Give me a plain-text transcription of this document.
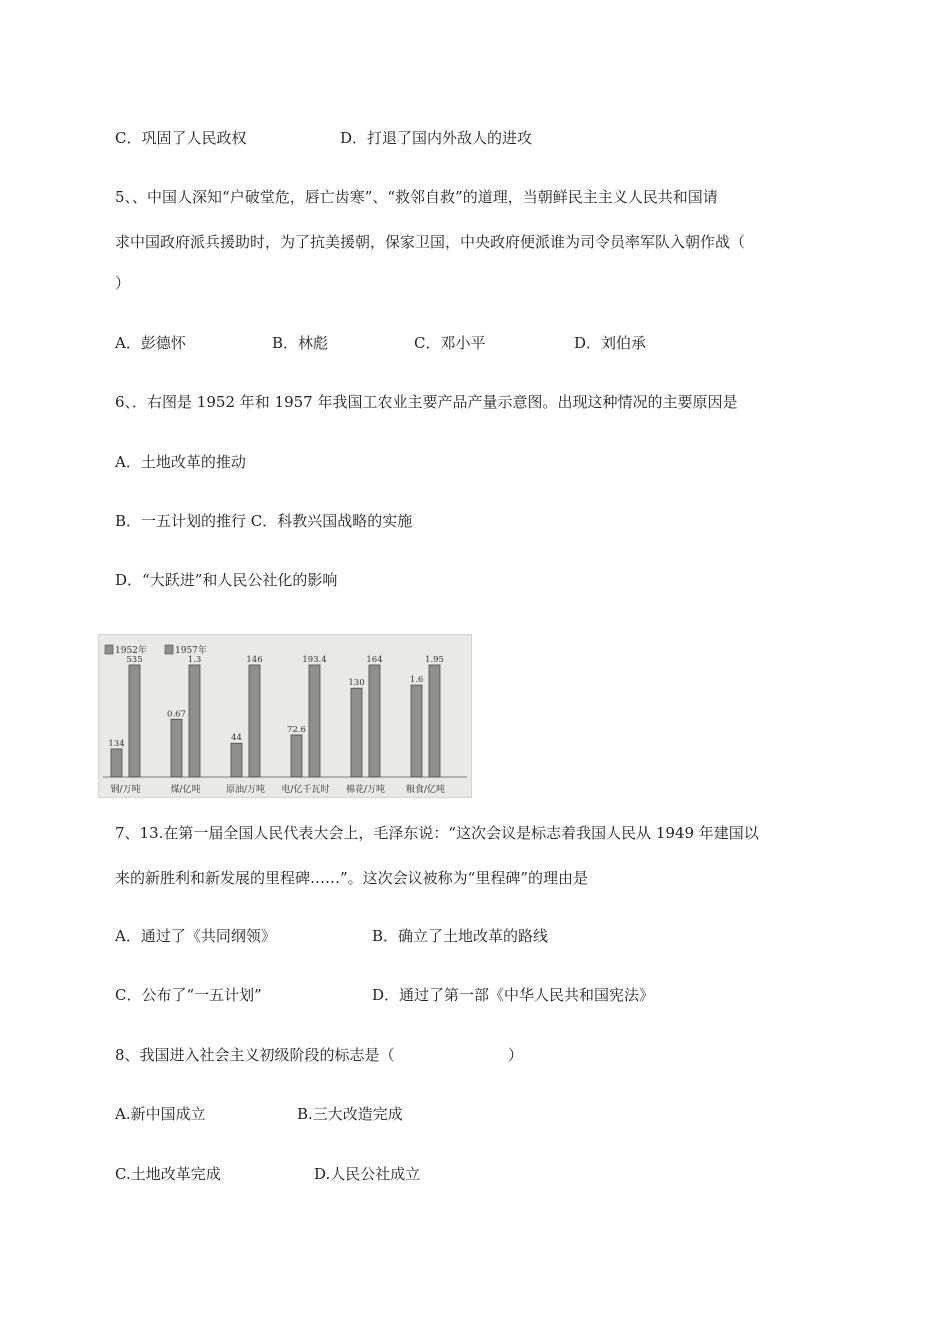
C．巩固了人民政权	D．打退了国内外敌人的进攻
5、、中国人深知“户破堂危，唇亡齿寒”、“救邻自救”的道理，当朝鲜民主主义人民共和国请
求中国政府派兵援助时，为了抗美援朝，保家卫国，中央政府便派谁为司令员率军队入朝作战（
）
A．彭德怀	B．林彪	C．邓小平	D．刘伯承
6、．右图是 1952 年和 1957 年我国工农业主要产品产量示意图。出现这种情况的主要原因是
A．土地改革的推动
B．一五计划的推行 C．科教兴国战略的实施
D．“大跃进”和人民公社化的影响
1952年	1957年
134
535
钢/万吨
0.67
1.3
煤/亿吨
44
146
原油/万吨
72.6
193.4
电/亿千瓦时
130
164
棉花/万吨
1.6
1.95
粮食/亿吨
7、13.在第一届全国人民代表大会上，毛泽东说：“这次会议是标志着我国人民从 1949 年建国以
来的新胜利和新发展的里程碑……”。这次会议被称为“里程碑”的理由是
A．通过了《共同纲领》	B．确立了土地改革的路线
C．公布了“一五计划”	D．通过了第一部《中华人民共和国宪法》
8、我国进入社会主义初级阶段的标志是（	）
A.新中国成立	B.三大改造完成
C.土地改革完成	D.人民公社成立
